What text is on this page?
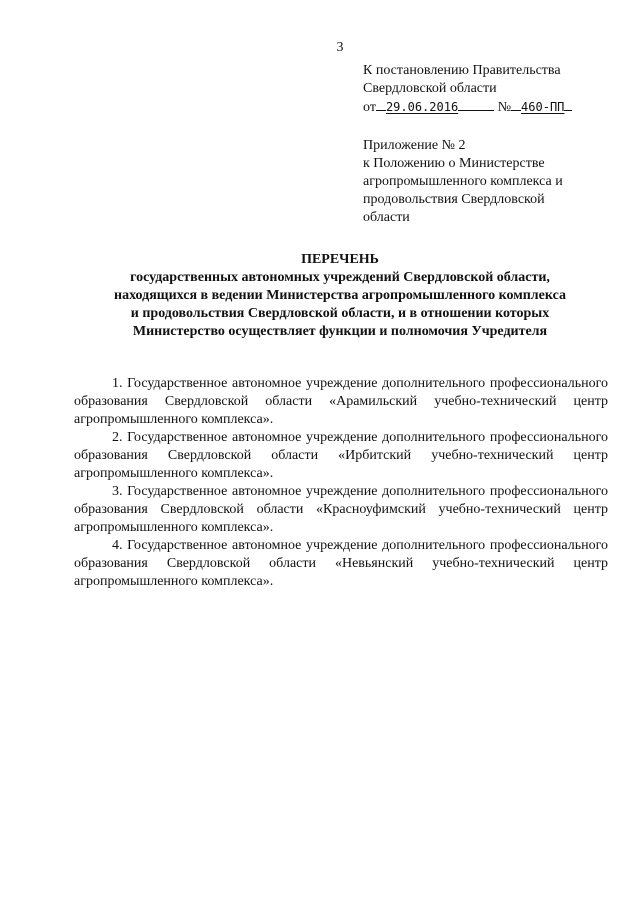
3
К постановлению Правительства
Свердловской области
от 29.06.2016	№ 460-ПП
Приложение № 2
к Положению о Министерстве
агропромышленного комплекса и
продовольствия Свердловской
области
ПЕРЕЧЕНЬ
государственных автономных учреждений Свердловской области,
находящихся в ведении Министерства агропромышленного комплекса
и продовольствия Свердловской области, и в отношении которых
Министерство осуществляет функции и полномочия Учредителя

1. Государственное автономное учреждение дополнительного профессионального образования Свердловской области «Арамильский учебно-технический центр агропромышленного комплекса».

2. Государственное автономное учреждение дополнительного профессионального образования Свердловской области «Ирбитский учебно-технический центр агропромышленного комплекса».

3. Государственное автономное учреждение дополнительного профессионального образования Свердловской области «Красноуфимский учебно-технический центр агропромышленного комплекса».

4. Государственное автономное учреждение дополнительного профессионального образования Свердловской области «Невьянский учебно-технический центр агропромышленного комплекса».
